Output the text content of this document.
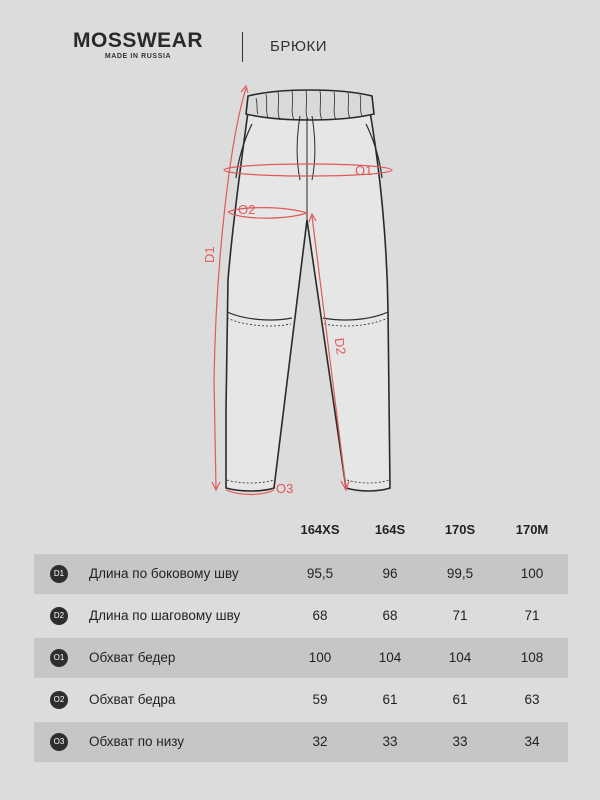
MOSSWEAR
MADE IN RUSSIA
БРЮКИ
O1
O2
O3
D1
D2
164XS	164S	170S	170M
D1 Длина по боковому шву	95,5	96	99,5	100
D2 Длина по шаговому шву	68	68	71	71
O1 Обхват бедер	100	104	104	108
O2 Обхват бедра	59	61	61	63
O3 Обхват по низу	32	33	33	34
